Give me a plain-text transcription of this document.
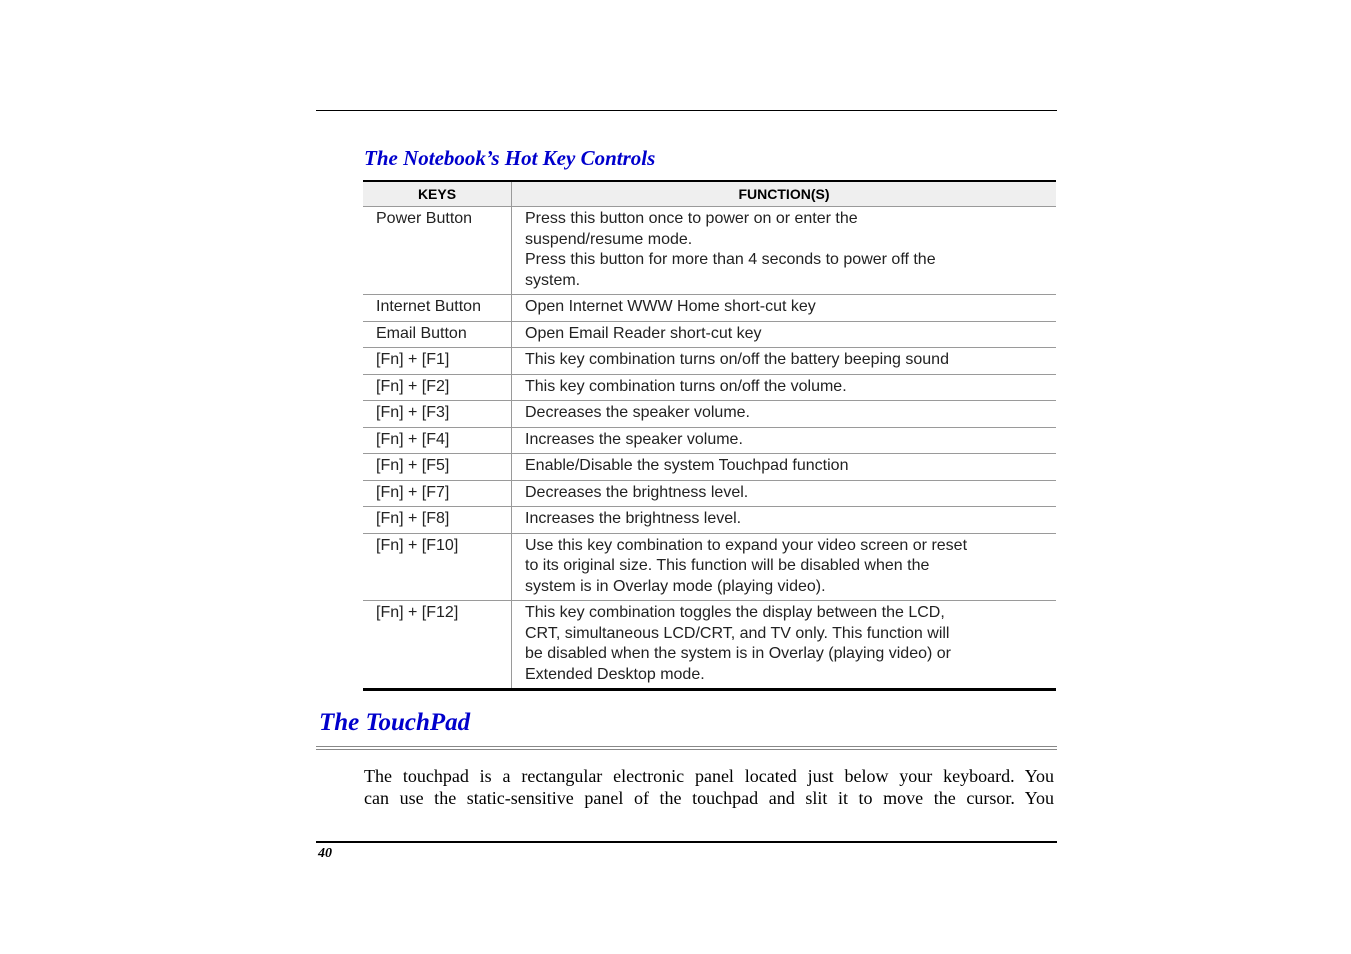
The Notebook’s Hot Key Controls
KEYS	FUNCTION(S)
Power Button	Press this button once to power on or enter the
suspend/resume mode.
Press this button for more than 4 seconds to power off the
system.

Internet Button	Open Internet WWW Home short-cut key

Email Button	Open Email Reader short-cut key

[Fn] + [F1]	This key combination turns on/off the battery beeping sound

[Fn] + [F2]	This key combination turns on/off the volume.

[Fn] + [F3]	Decreases the speaker volume.

[Fn] + [F4]	Increases the speaker volume.

[Fn] + [F5]	Enable/Disable the system Touchpad function

[Fn] + [F7]	Decreases the brightness level.

[Fn] + [F8]	Increases the brightness level.

[Fn] + [F10]	Use this key combination to expand your video screen or reset
to its original size. This function will be disabled when the
system is in Overlay mode (playing video).

[Fn] + [F12]	This key combination toggles the display between the LCD,
CRT, simultaneous LCD/CRT, and TV only. This function will
be disabled when the system is in Overlay (playing video) or
Extended Desktop mode.
The TouchPad

The touchpad is a rectangular electronic panel located just below your keyboard. You
can use the static-sensitive panel of the touchpad and slit it to move the cursor. You

40
